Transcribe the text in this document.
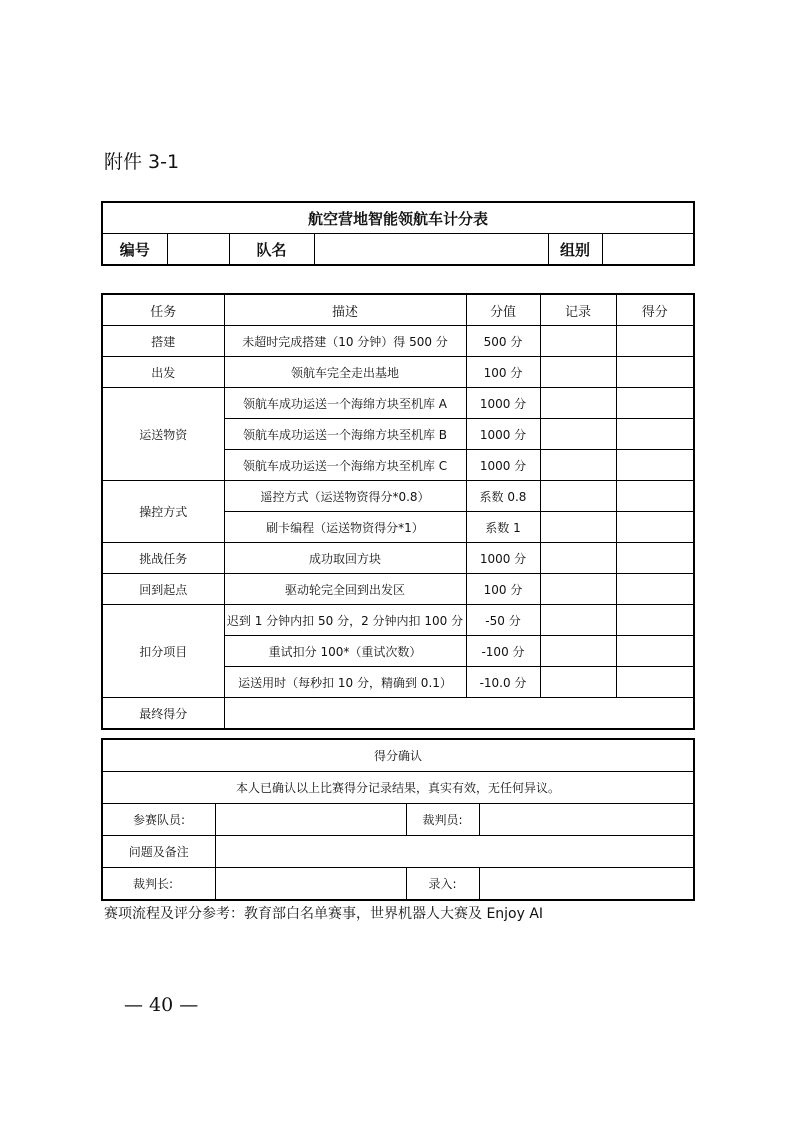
附件 3-1
航空营地智能领航车计分表
编号		队名		组别	
任务	描述	分值	记录	得分
搭建	未超时完成搭建（10 分钟）得 500 分	500 分		
出发	领航车完全走出基地	100 分		
运送物资	领航车成功运送一个海绵方块至机库 A	1000 分		
	领航车成功运送一个海绵方块至机库 B	1000 分		
	领航车成功运送一个海绵方块至机库 C	1000 分		
操控方式	遥控方式（运送物资得分*0.8）	系数 0.8		
	刷卡编程（运送物资得分*1）	系数 1		
挑战任务	成功取回方块	1000 分		
回到起点	驱动轮完全回到出发区	100 分		
扣分项目	迟到 1 分钟内扣 50 分，2 分钟内扣 100 分	-50 分		
	重试扣分 100*（重试次数）	-100 分		
	运送用时（每秒扣 10 分，精确到 0.1）	-10.0 分		
最终得分				
得分确认			
本人已确认以上比赛得分记录结果，真实有效，无任何异议。			
参赛队员:		裁判员:	
问题及备注			
裁判长:		录入:	
赛项流程及评分参考：教育部白名单赛事，世界机器人大赛及 Enjoy AI
— 40 —
